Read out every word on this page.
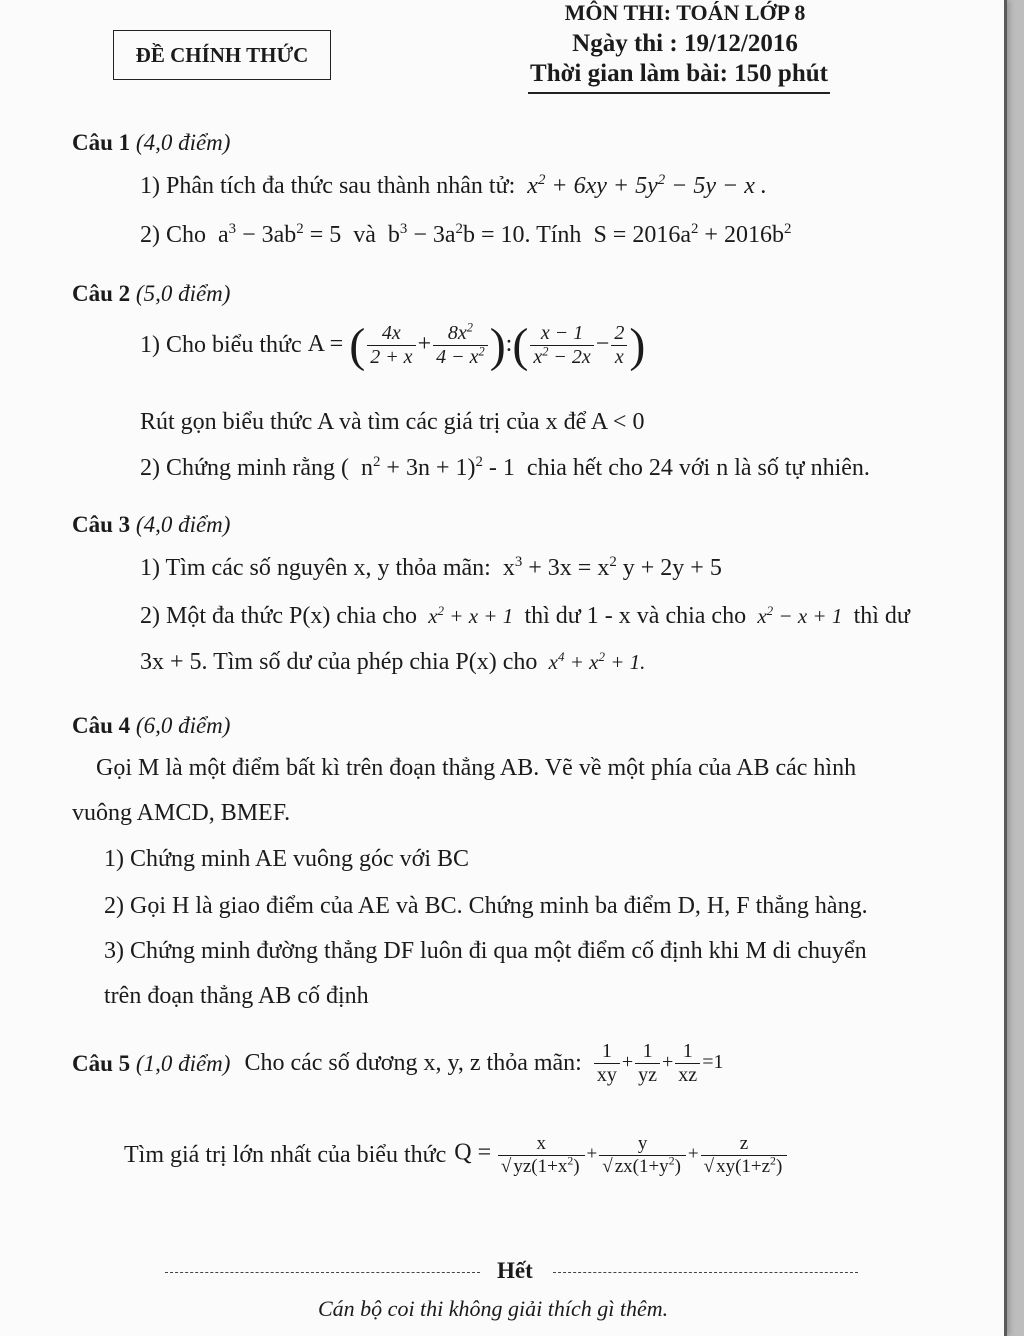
ĐỀ CHÍNH THỨC
MÔN THI: TOÁN LỚP 8
Ngày thi : 19/12/2016
Thời gian làm bài: 150 phút
Câu 1 (4,0 điểm)
1) Phân tích đa thức sau thành nhân tử:  $x^2 + 6xy + 5y^2 - 5y - x$ .
2) Cho  $a^3 - 3ab^2 = 5$  và  $b^3 - 3a^2b = 10$. Tính  $S = 2016a^2 + 2016b^2$
Câu 2 (5,0 điểm)
1) Cho biểu thức A = ( $\frac{4x}{2 + x} + \frac{8x^2}{4 - x^2}$ ):( $\frac{x - 1}{x^2 - 2x} - \frac{2}{x}$ )
Rút gọn biểu thức A và tìm các giá trị của x để A < 0
2) Chứng minh rằng (  $n^2 + 3n + 1)^2 - 1$  chia hết cho 24 với n là số tự nhiên.
Câu 3 (4,0 điểm)
1) Tìm các số nguyên x, y thỏa mãn:  $x^3 + 3x = x^2$ y + 2y + 5
2) Một đa thức P(x) chia cho  $x^2 + x + 1$  thì dư 1 - x và chia cho  $x^2 - x + 1$  thì dư
3x + 5. Tìm số dư của phép chia P(x) cho  $x^4 + x^2 + 1$.
Câu 4 (6,0 điểm)
Gọi M là một điểm bất kì trên đoạn thẳng AB. Vẽ về một phía của AB các hình
vuông AMCD, BMEF.
1) Chứng minh AE vuông góc với BC
2) Gọi H là giao điểm của AE và BC. Chứng minh ba điểm D, H, F thẳng hàng.
3) Chứng minh đường thẳng DF luôn đi qua một điểm cố định khi M di chuyển
trên đoạn thẳng AB cố định
Câu 5 (1,0 điểm) Cho các số dương x, y, z thỏa mãn: $\frac{1}{xy} + \frac{1}{yz} + \frac{1}{xz} =1$
Tìm giá trị lớn nhất của biểu thức $Q = \frac{x}{√ yz(1+x^2)} + \frac{y}{√ zx(1+y^2)} + \frac{z}{√ xy(1+z^2)}$
Hết
Cán bộ coi thi không giải thích gì thêm.
